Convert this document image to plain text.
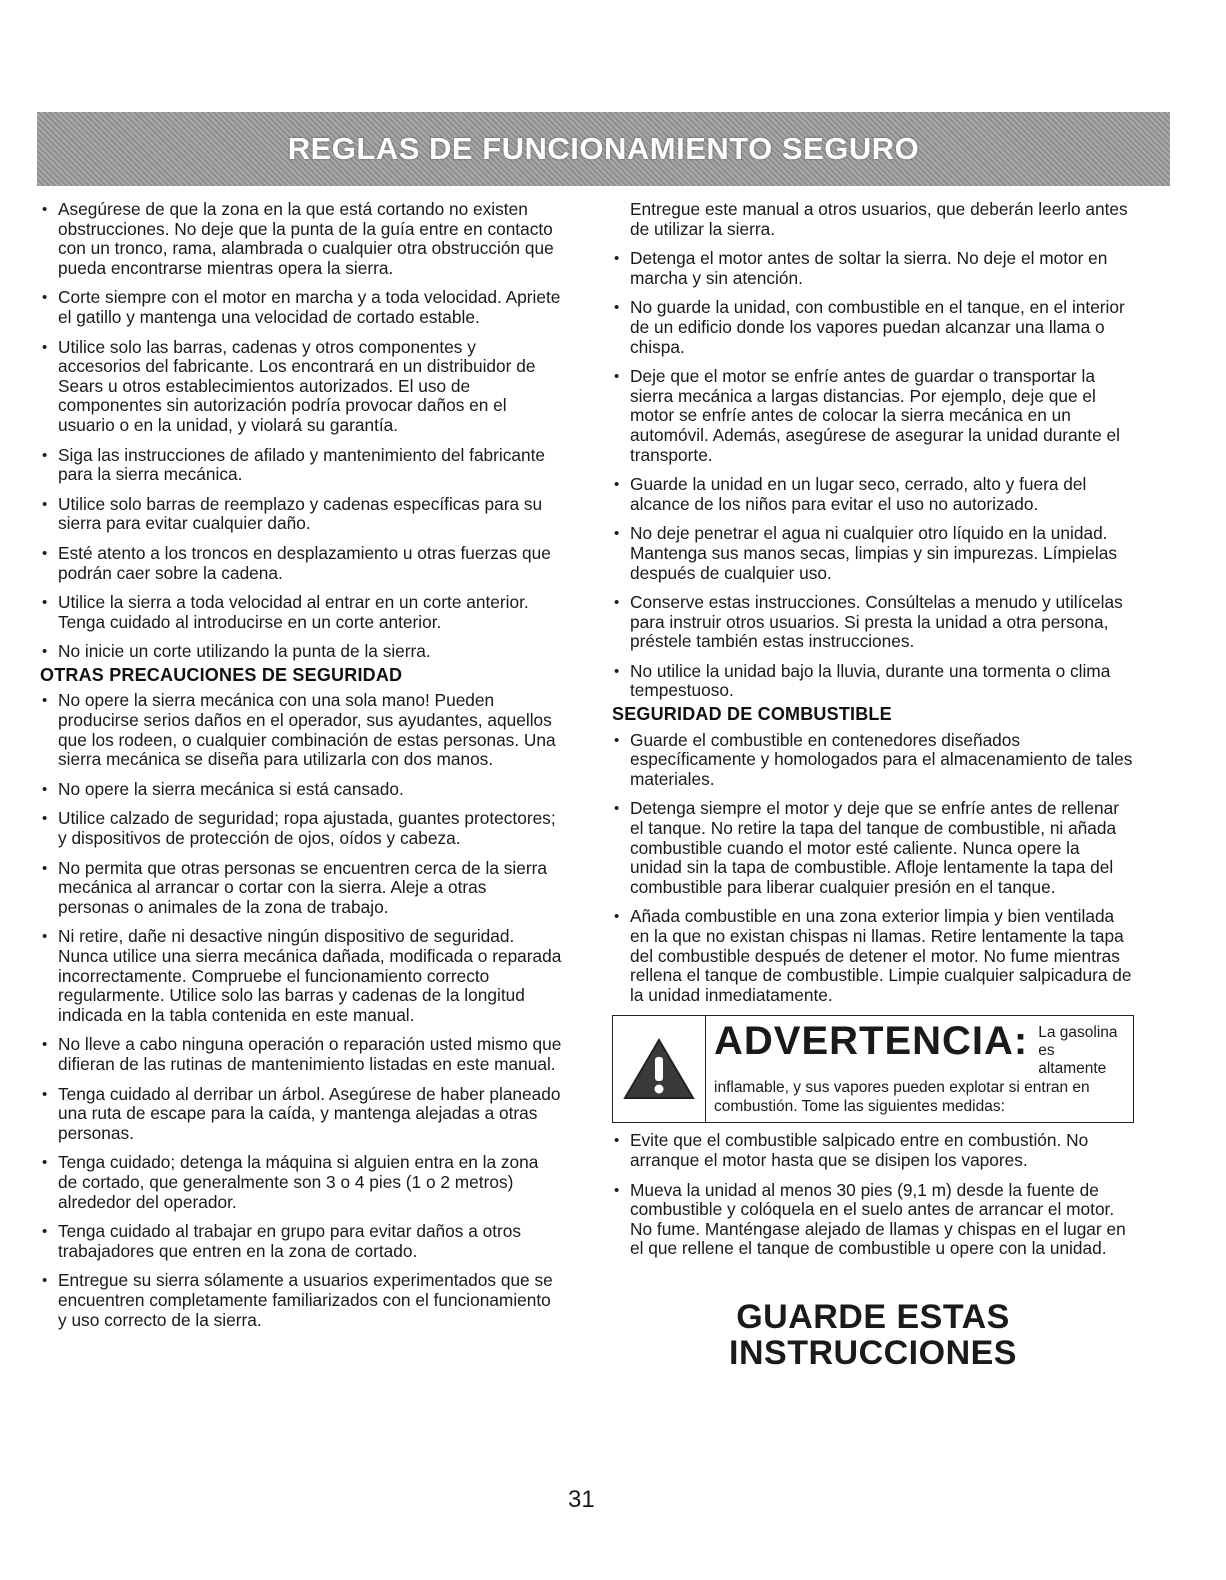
REGLAS DE FUNCIONAMIENTO SEGURO
• Asegúrese de que la zona en la que está cortando no existen obstrucciones. No deje que la punta de la guía entre en contacto con un tronco, rama, alambrada o cualquier otra obstrucción que pueda encontrarse mientras opera la sierra.
• Corte siempre con el motor en marcha y a toda velocidad. Apriete el gatillo y mantenga una velocidad de cortado estable.
• Utilice solo las barras, cadenas y otros componentes y accesorios del fabricante. Los encontrará en un distribuidor de Sears u otros establecimientos autorizados. El uso de componentes sin autorización podría provocar daños en el usuario o en la unidad, y violará su garantía.
• Siga las instrucciones de afilado y mantenimiento del fabricante para la sierra mecánica.
• Utilice solo barras de reemplazo y cadenas específicas para su sierra para evitar cualquier daño.
• Esté atento a los troncos en desplazamiento u otras fuerzas que podrán caer sobre la cadena.
• Utilice la sierra a toda velocidad al entrar en un corte anterior. Tenga cuidado al introducirse en un corte anterior.
• No inicie un corte utilizando la punta de la sierra.
OTRAS PRECAUCIONES DE SEGURIDAD
• No opere la sierra mecánica con una sola mano! Pueden producirse serios daños en el operador, sus ayudantes, aquellos que los rodeen, o cualquier combinación de estas personas. Una sierra mecánica se diseña para utilizarla con dos manos.
• No opere la sierra mecánica si está cansado.
• Utilice calzado de seguridad; ropa ajustada, guantes protectores; y dispositivos de protección de ojos, oídos y cabeza.
• No permita que otras personas se encuentren cerca de la sierra mecánica al arrancar o cortar con la sierra. Aleje a otras personas o animales de la zona de trabajo.
• Ni retire, dañe ni desactive ningún dispositivo de seguridad. Nunca utilice una sierra mecánica dañada, modificada o reparada incorrectamente. Compruebe el funcionamiento correcto regularmente. Utilice solo las barras y cadenas de la longitud indicada en la tabla contenida en este manual.
• No lleve a cabo ninguna operación o reparación usted mismo que difieran de las rutinas de mantenimiento listadas en este manual.
• Tenga cuidado al derribar un árbol. Asegúrese de haber planeado una ruta de escape para la caída, y mantenga alejadas a otras personas.
• Tenga cuidado; detenga la máquina si alguien entra en la zona de cortado, que generalmente son 3 o 4 pies (1 o 2 metros) alrededor del operador.
• Tenga cuidado al trabajar en grupo para evitar daños a otros trabajadores que entren en la zona de cortado.
• Entregue su sierra sólamente a usuarios experimentados que se encuentren completamente familiarizados con el funcionamiento y uso correcto de la sierra.

Entregue este manual a otros usuarios, que deberán leerlo antes de utilizar la sierra.

• Detenga el motor antes de soltar la sierra. No deje el motor en marcha y sin atención.
• No guarde la unidad, con combustible en el tanque, en el interior de un edificio donde los vapores puedan alcanzar una llama o chispa.
• Deje que el motor se enfríe antes de guardar o transportar la sierra mecánica a largas distancias. Por ejemplo, deje que el motor se enfríe antes de colocar la sierra mecánica en un automóvil. Además, asegúrese de asegurar la unidad durante el transporte.
• Guarde la unidad en un lugar seco, cerrado, alto y fuera del alcance de los niños para evitar el uso no autorizado.
• No deje penetrar el agua ni cualquier otro líquido en la unidad. Mantenga sus manos secas, limpias y sin impurezas. Límpielas después de cualquier uso.
• Conserve estas instrucciones. Consúltelas a menudo y utilícelas para instruir otros usuarios. Si presta la unidad a otra persona, préstele también estas instrucciones.
• No utilice la unidad bajo la lluvia, durante una tormenta o clima tempestuoso.
SEGURIDAD DE COMBUSTIBLE
• Guarde el combustible en contenedores diseñados específicamente y homologados para el almacenamiento de tales materiales.
• Detenga siempre el motor y deje que se enfríe antes de rellenar el tanque. No retire la tapa del tanque de combustible, ni añada combustible cuando el motor esté caliente. Nunca opere la unidad sin la tapa de combustible. Afloje lentamente la tapa del combustible para liberar cualquier presión en el tanque.
• Añada combustible en una zona exterior limpia y bien ventilada en la que no existan chispas ni llamas. Retire lentamente la tapa del combustible después de detener el motor. No fume mientras rellena el tanque de combustible. Limpie cualquier salpicadura de la unidad inmediatamente.
ADVERTENCIA: La gasolina es altamente
inflamable, y sus vapores pueden explotar si entran en combustión. Tome las siguientes medidas:
• Evite que el combustible salpicado entre en combustión. No arranque el motor hasta que se disipen los vapores.
• Mueva la unidad al menos 30 pies (9,1 m) desde la fuente de combustible y colóquela en el suelo antes de arrancar el motor. No fume. Manténgase alejado de llamas y chispas en el lugar en el que rellene el tanque de combustible u opere con la unidad.
GUARDE ESTAS INSTRUCCIONES
31
